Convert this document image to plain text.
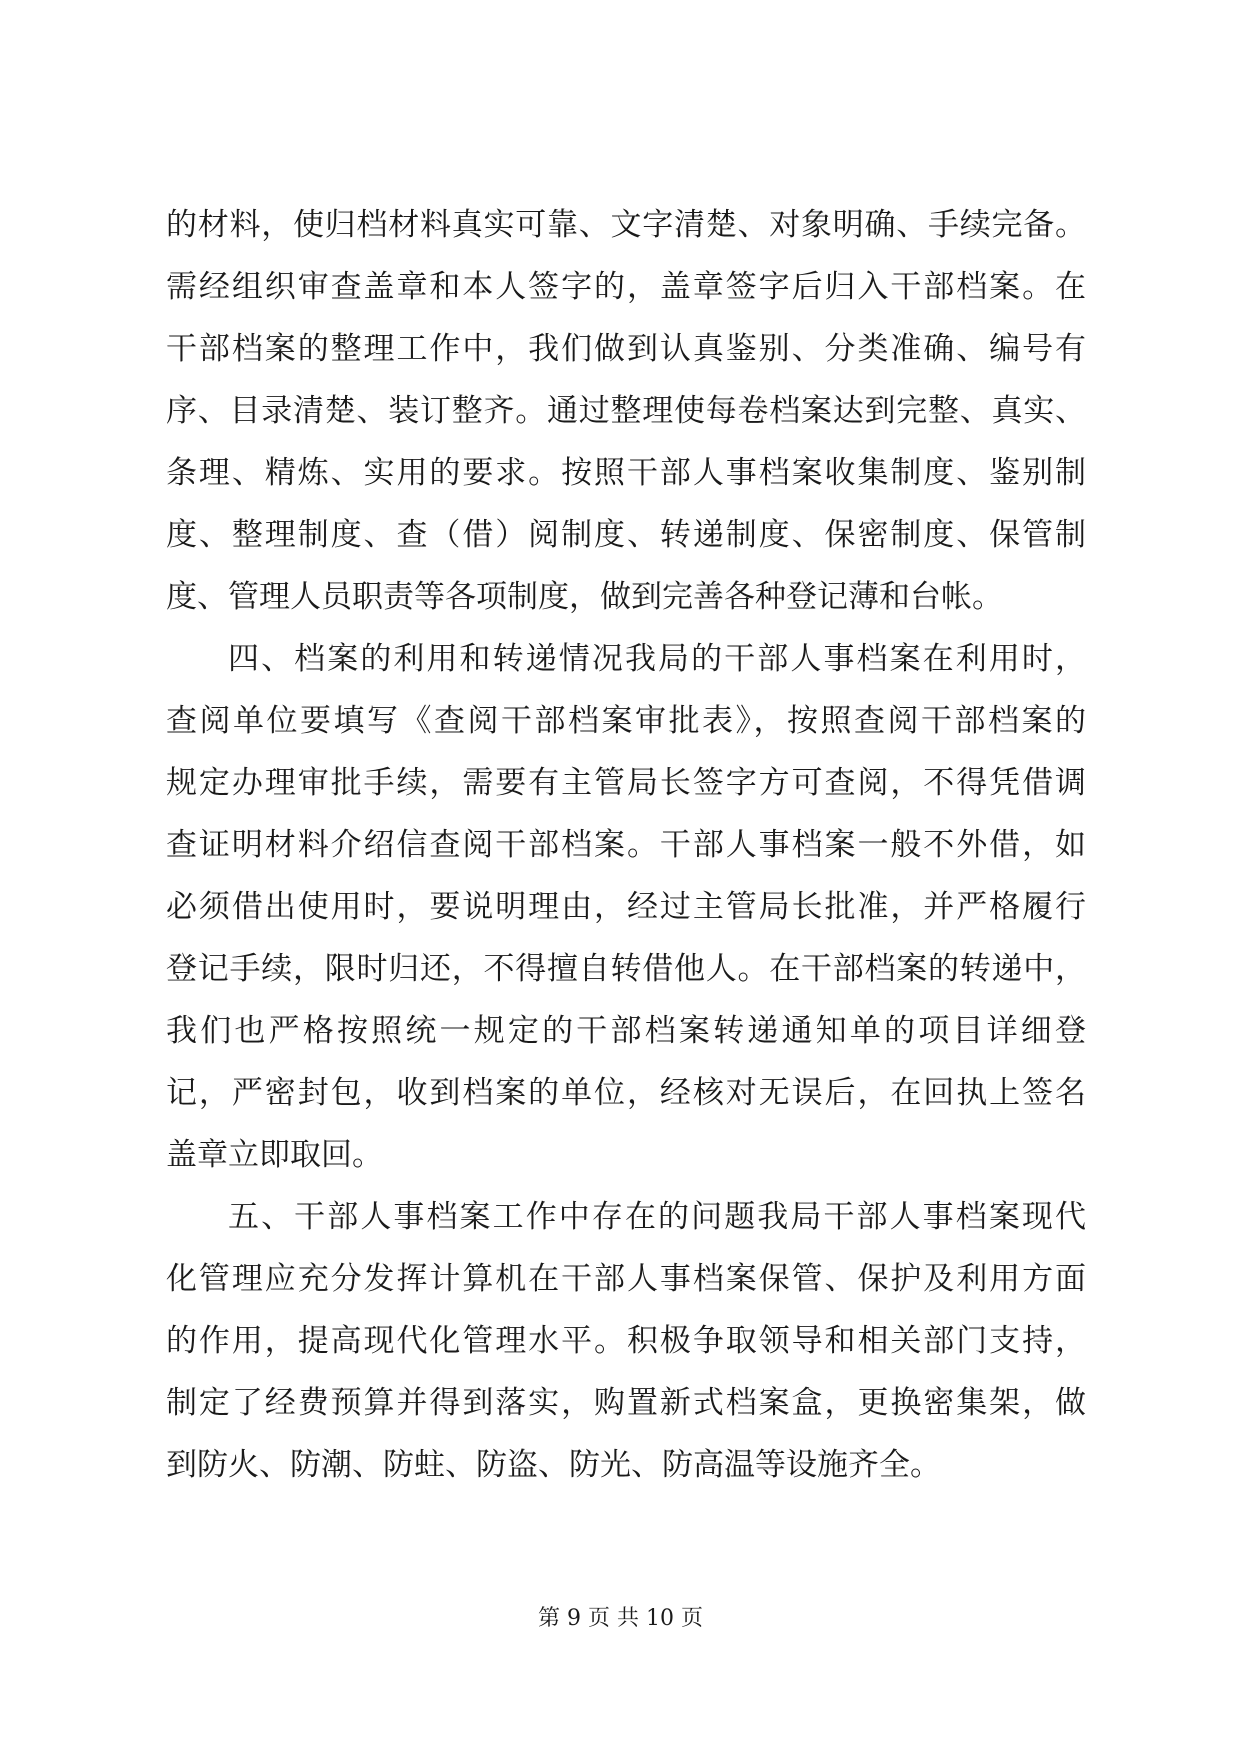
的材料，使归档材料真实可靠、文字清楚、对象明确、手续完备。
需经组织审查盖章和本人签字的，盖章签字后归入干部档案。在
干部档案的整理工作中，我们做到认真鉴别、分类准确、编号有
序、目录清楚、装订整齐。通过整理使每卷档案达到完整、真实、
条理、精炼、实用的要求。按照干部人事档案收集制度、鉴别制
度、整理制度、查（借）阅制度、转递制度、保密制度、保管制
度、管理人员职责等各项制度，做到完善各种登记薄和台帐。
四、档案的利用和转递情况我局的干部人事档案在利用时，
查阅单位要填写《查阅干部档案审批表》，按照查阅干部档案的
规定办理审批手续，需要有主管局长签字方可查阅，不得凭借调
查证明材料介绍信查阅干部档案。干部人事档案一般不外借，如
必须借出使用时，要说明理由，经过主管局长批准，并严格履行
登记手续，限时归还，不得擅自转借他人。在干部档案的转递中，
我们也严格按照统一规定的干部档案转递通知单的项目详细登
记，严密封包，收到档案的单位，经核对无误后，在回执上签名
盖章立即取回。
五、干部人事档案工作中存在的问题我局干部人事档案现代
化管理应充分发挥计算机在干部人事档案保管、保护及利用方面
的作用，提高现代化管理水平。积极争取领导和相关部门支持，
制定了经费预算并得到落实，购置新式档案盒，更换密集架，做
到防火、防潮、防蛀、防盗、防光、防高温等设施齐全。
第 9 页 共 10 页
